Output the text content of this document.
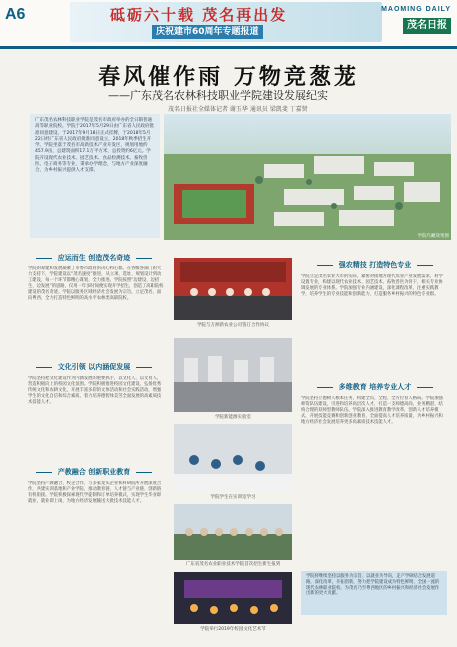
A6	砥砺六十载 茂名再出发
庆祝建市60周年专题报道
MAOMING DAILY
茂名日报
春风催作雨 万物竞葱茏
——广东茂名农林科技职业学院建设发展纪实
茂名日报社全媒体记者 谢玉华 通讯员 梁凯斐 丁嘉贤
广东茂名农林科技职业学院是茂名市政府举办的全日制普通高等职业院校。学院于2017年5月29日由广东省人民政府批准同意建设，于2017年9月18日正式挂牌，于2018年5月22日经广东省人民政府批准同意设立，2018年秋季招生开学。学院坐落于茂名市高新技术产业开发区，规划用地约457.9亩，总建筑面积17.1万平方米，总投资约6亿元。学院开设现代农业技术、园艺技术、食品检测技术、畜牧兽医、电子商务等专业，秉承办学理念，与地方产业深度融合，为乡村振兴提供人才支撑。
学院鸟瞰效果图
应运而生 创造茂名奇迹
学院的筹建和发展凝聚了市委市政府的决心和心血。在各级各部门的大力支持下，学院建设以“茂名速度”推进，从立项、选址、规划设计到动工建设，每一个环节都精心谋划、全力推进。学院按照“边建设、边招生、边发展”的思路，仅用一年多时间便实现开学招生，创造了高职院校建设的茂名奇迹。学院以服务区域经济社会发展为宗旨，立足茂名、面向粤西，全力打造特色鲜明的高水平农林类高职院校。
文化引领 以内涵促发展
学院坚持把文化建设作为内涵发展的重要抓手，以文化人、以文育人，营造积极向上的校园文化氛围。学院积极推进校园文化建设，弘扬优秀传统文化和农耕文化，开展丰富多彩的文体活动和社会实践活动，增强学生的文化自信和综合素质，着力培养德智体美劳全面发展的高素质技术技能人才。
产教融合 创新职业教育
学院坚持产教融合、校企合作，与多家龙头企业和科研院所开展深度合作，共建实训基地和产业学院，推动教育链、人才链与产业链、创新链有机衔接。学院积极探索现代学徒制和订单培养模式，实现学生毕业即就业，就业即上岗，为地方经济发展输送大批技术技能人才。
学院与万洲新农业公司签订合作协议
学院新能源实验室
学院学生在实训室学习
广东省茂名农业职业技术学院首次招生新生报到
学院举行2019年校园文化艺术节
强农精技 打造特色专业
学院立足茂名农业大市的实际，紧密对接地方现代农业产业发展需求，科学设置专业，构建以现代农业技术、园艺技术、畜牧兽医为骨干，相关专业协调发展的专业体系。学院加强专业内涵建设，深化课程改革，注重实践教学，培养学生的专业技能和创新能力，打造服务乡村振兴的特色专业群。
多维教育 培养专业人才
学院坚持立德树人根本任务，构建全员、全程、全方位育人格局。学院加强师资队伍建设，引进和培养高层次人才，打造一支师德高尚、业务精湛、结构合理的双师型教师队伍。学院深入推进教育教学改革，创新人才培养模式，开展技能竞赛和创新创业教育，全面提高人才培养质量，为乡村振兴和地方经济社会发展培养更多高素质技术技能人才。
学院将继续坚持以服务为宗旨、以就业为导向，走产学研结合发展道路，深化改革，开拓创新，努力把学院建设成为特色鲜明、全国一流的现代农林职业院校，为茂名乃至粤西地区的乡村振兴和经济社会发展作出新的更大贡献。
